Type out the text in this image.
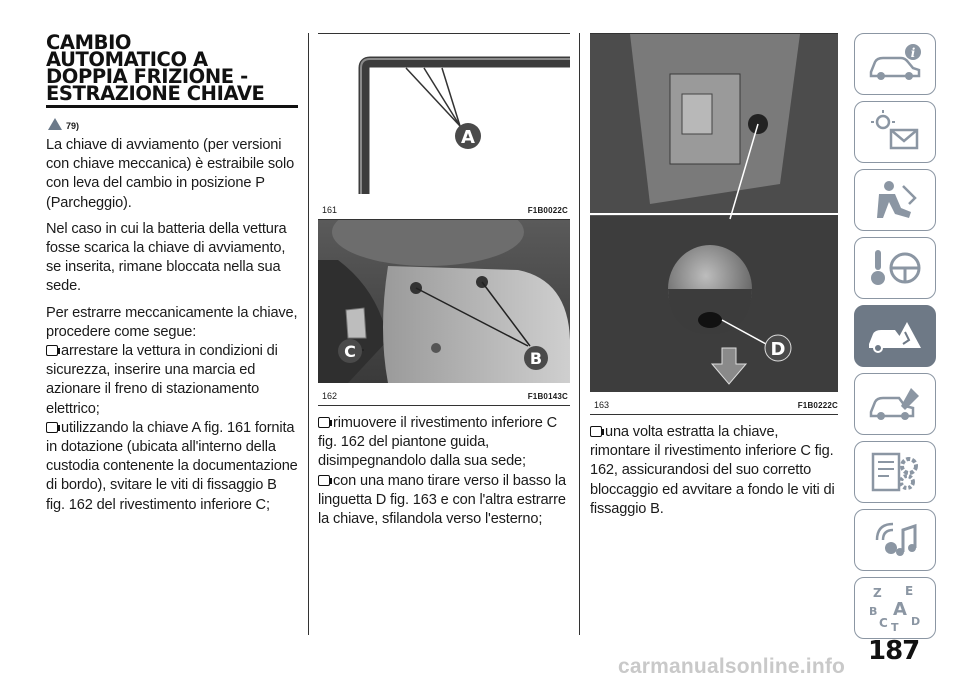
CAMBIO
AUTOMATICO A
DOPPIA FRIZIONE -
ESTRAZIONE CHIAVE
79)

La chiave di avviamento (per versioni con chiave meccanica) è estraibile solo con leva del cambio in posizione P (Parcheggio).

Nel caso in cui la batteria della vettura fosse scarica la chiave di avviamento, se inserita, rimane bloccata nella sua sede.

Per estrarre meccanicamente la chiave, procedere come segue:

arrestare la vettura in condizioni di sicurezza, inserire una marcia ed azionare il freno di stazionamento elettrico;

utilizzando la chiave A fig. 161 fornita in dotazione (ubicata all'interno della custodia contenente la documentazione di bordo), svitare le viti di fissaggio B fig. 162 del rivestimento inferiore C;

A
161	F1B0022C
C	B
162	F1B0143C

rimuovere il rivestimento inferiore C fig. 162 del piantone guida, disimpegnandolo dalla sua sede;

con una mano tirare verso il basso la linguetta D fig. 163 e con l'altra estrarre la chiave, sfilandola verso l'esterno;

D
163	F1B0222C

una volta estratta la chiave, rimontare il rivestimento inferiore C fig. 162, assicurandosi del suo corretto bloccaggio ed avvitare a fondo le viti di fissaggio B.

i
Z E
B A
C D
T
187
carmanualsonline.info
